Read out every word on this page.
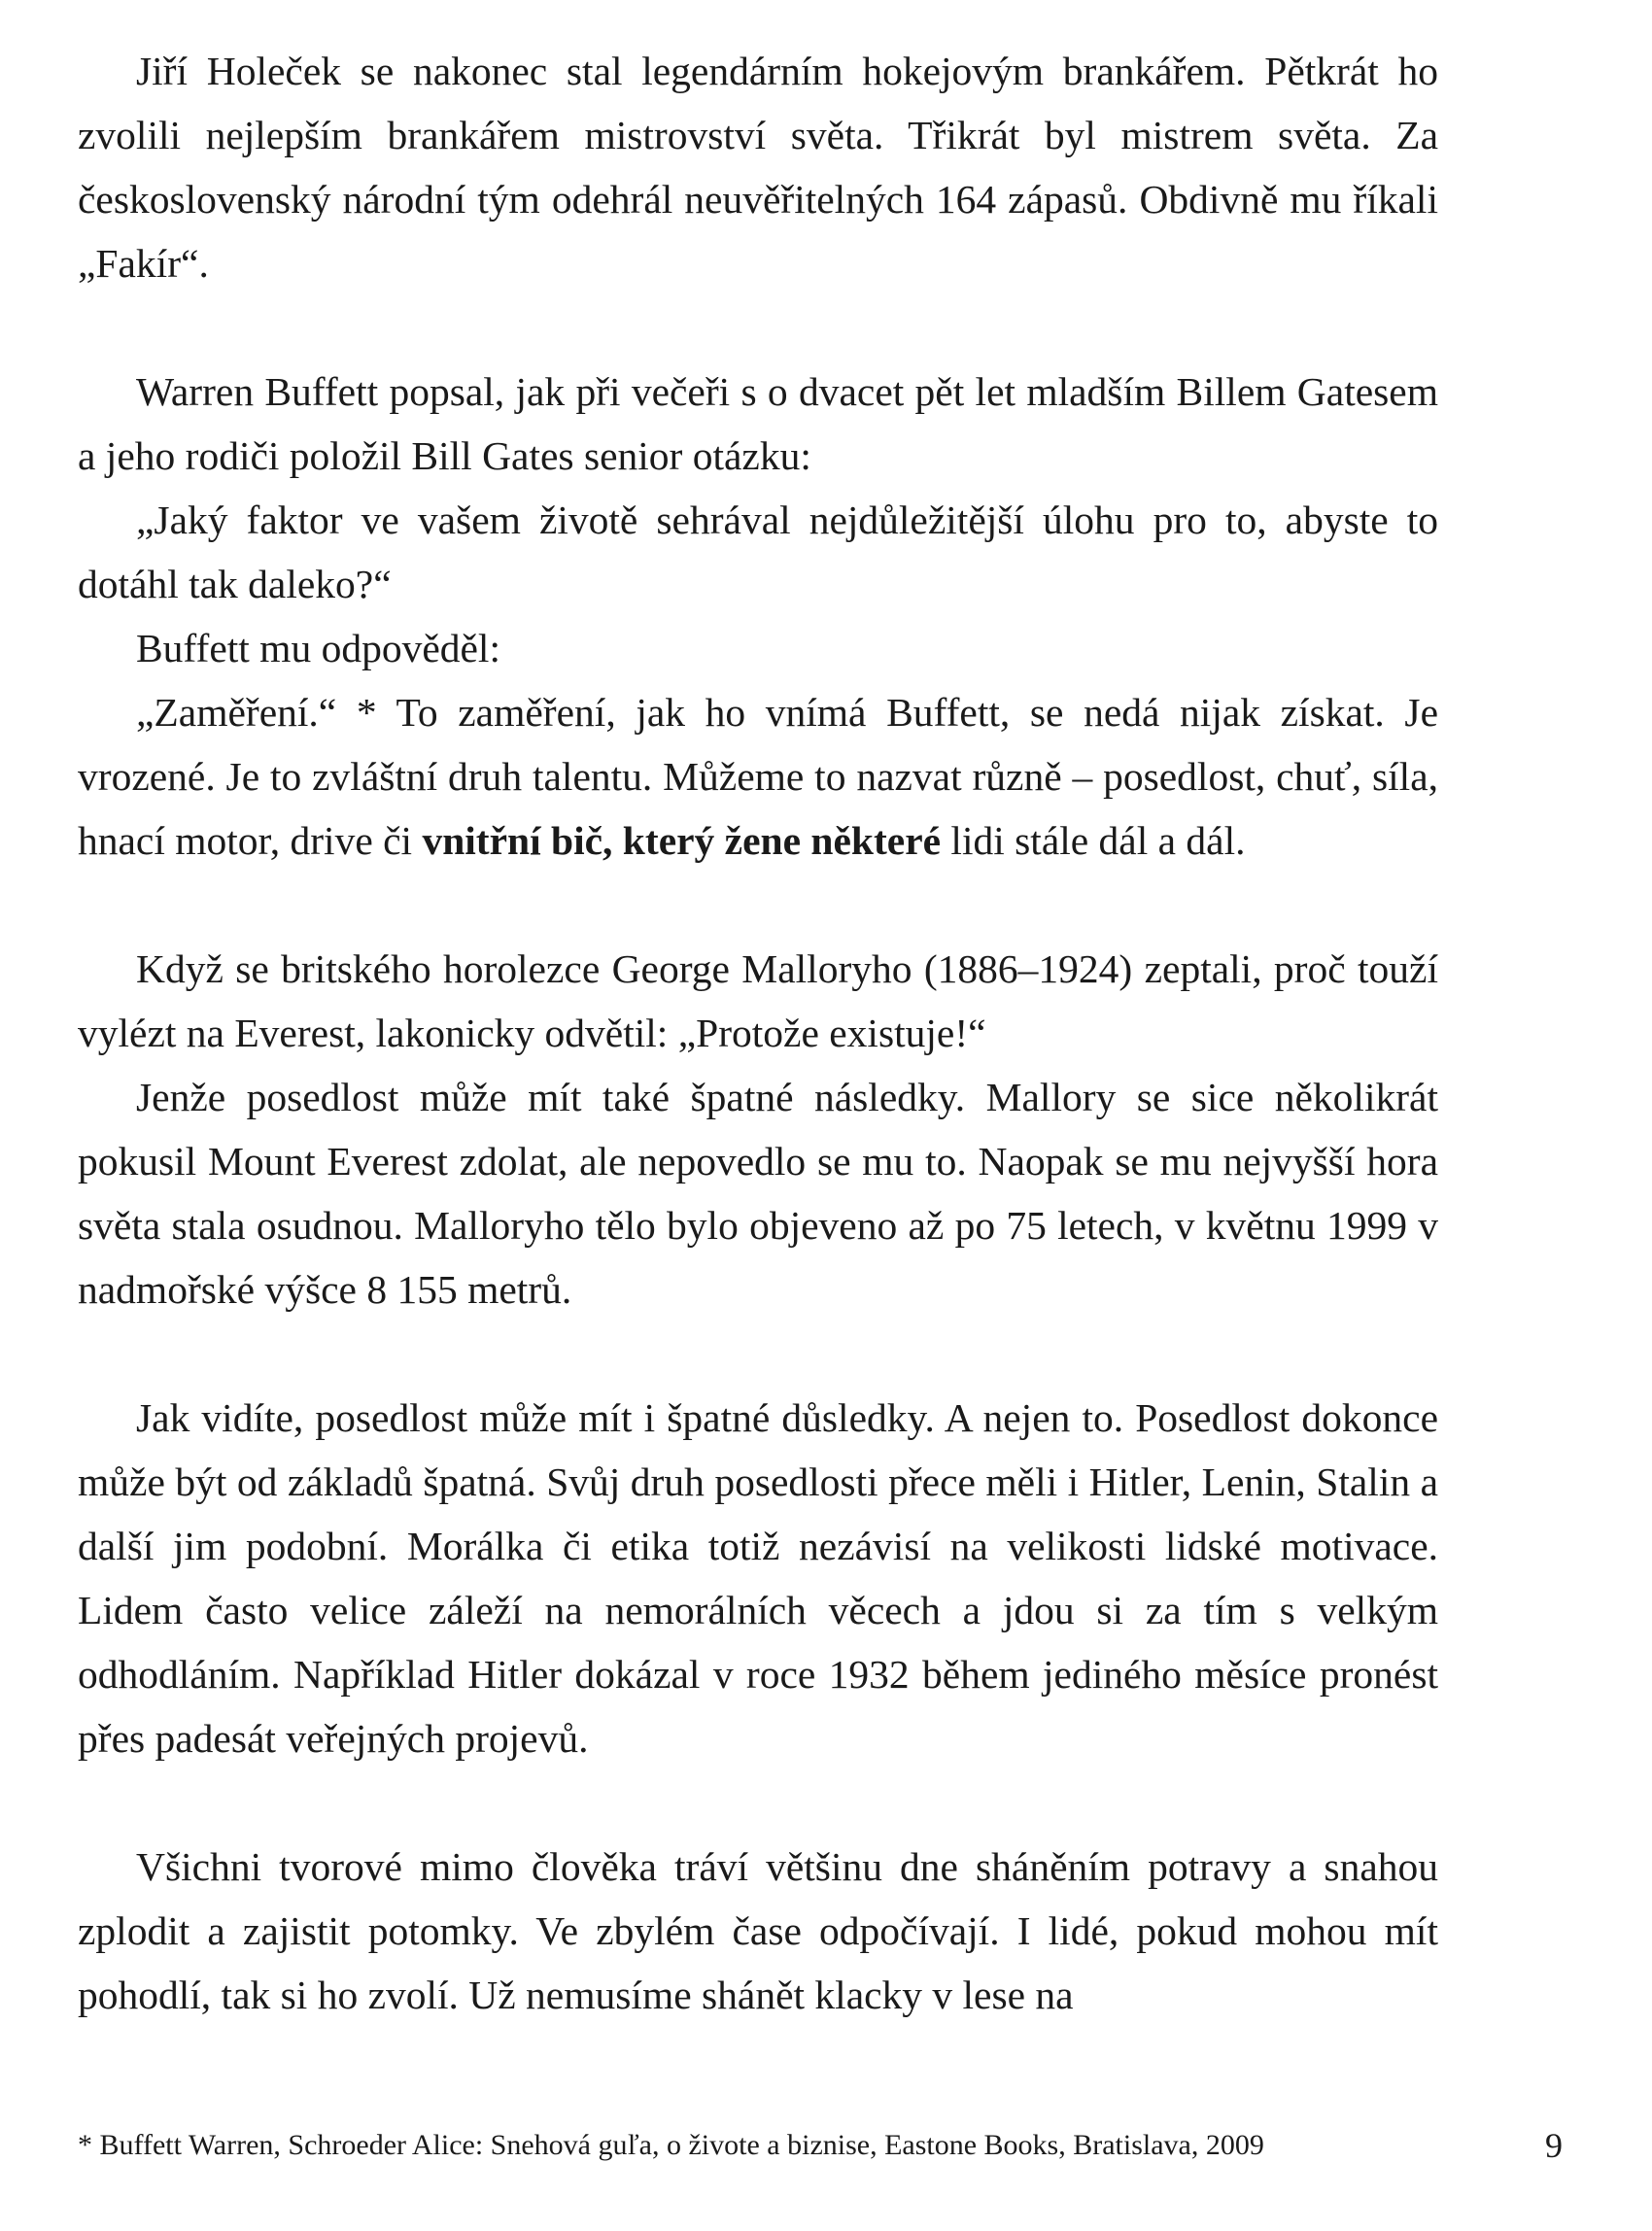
Jiří Holeček se nakonec stal legendárním hokejovým brankářem. Pětkrát ho zvolili nejlepším brankářem mistrovství světa. Třikrát byl mistrem světa. Za československý národní tým odehrál neuvěřitelných 164 zápasů. Obdivně mu říkali „Fakír“.

Warren Buffett popsal, jak při večeři s o dvacet pět let mladším Billem Gatesem a jeho rodiči položil Bill Gates senior otázku:

„Jaký faktor ve vašem životě sehrával nejdůležitější úlohu pro to, abyste to dotáhl tak daleko?“

Buffett mu odpověděl:

„Zaměření.“ * To zaměření, jak ho vnímá Buffett, se nedá nijak získat. Je vrozené. Je to zvláštní druh talentu. Můžeme to nazvat různě – posedlost, chuť, síla, hnací motor, drive či vnitřní bič, který žene některé lidi stále dál a dál.

Když se britského horolezce George Malloryho (1886–1924) zeptali, proč touží vylézt na Everest, lakonicky odvětil: „Protože existuje!“

Jenže posedlost může mít také špatné následky. Mallory se sice několikrát pokusil Mount Everest zdolat, ale nepovedlo se mu to. Naopak se mu nejvyšší hora světa stala osudnou. Malloryho tělo bylo objeveno až po 75 letech, v květnu 1999 v nadmořské výšce 8 155 metrů.

Jak vidíte, posedlost může mít i špatné důsledky. A nejen to. Posedlost dokonce může být od základů špatná. Svůj druh posedlosti přece měli i Hitler, Lenin, Stalin a další jim podobní. Morálka či etika totiž nezávisí na velikosti lidské motivace. Lidem často velice záleží na nemorálních věcech a jdou si za tím s velkým odhodláním. Například Hitler dokázal v roce 1932 během jediného měsíce pronést přes padesát veřejných projevů.

Všichni tvorové mimo člověka tráví většinu dne sháněním potravy a snahou zplodit a zajistit potomky. Ve zbylém čase odpočívají. I lidé, pokud mohou mít pohodlí, tak si ho zvolí. Už nemusíme shánět klacky v lese na

* Buffett Warren, Schroeder Alice: Snehová guľa, o živote a biznise, Eastone Books, Bratislava, 2009	9
